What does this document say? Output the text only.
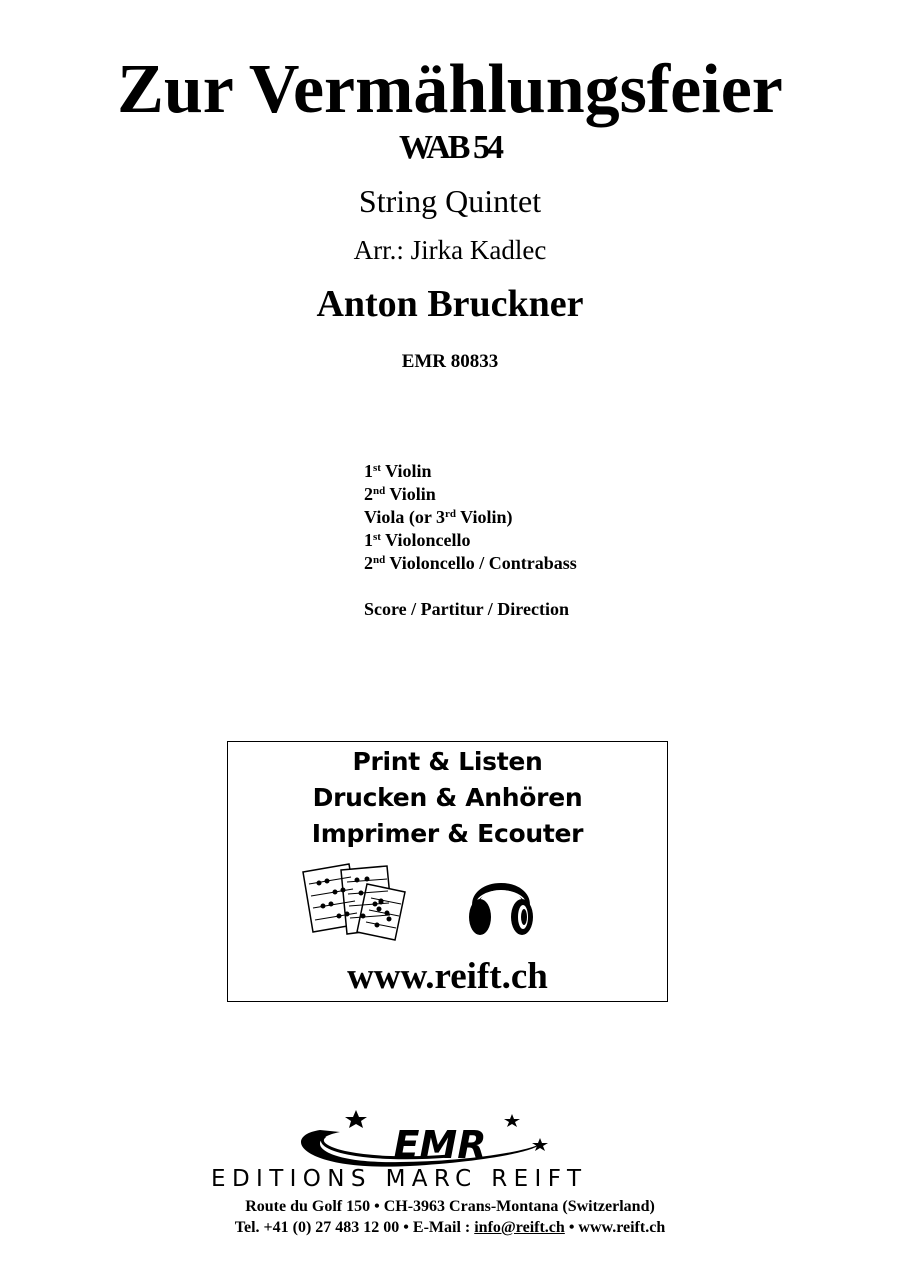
Zur Vermählungsfeier
WAB 54
String Quintet
Arr.: Jirka Kadlec
Anton Bruckner
EMR 80833
1st Violin
2nd Violin
Viola (or 3rd Violin)
1st Violoncello
2nd Violoncello / Contrabass
Score / Partitur / Direction
Print & Listen
Drucken & Anhören
Imprimer & Ecouter
www.reift.ch
EMR
EDITIONS MARC REIFT
Route du Golf 150 • CH-3963 Crans-Montana (Switzerland)
Tel. +41 (0) 27 483 12 00 • E-Mail : info@reift.ch • www.reift.ch
